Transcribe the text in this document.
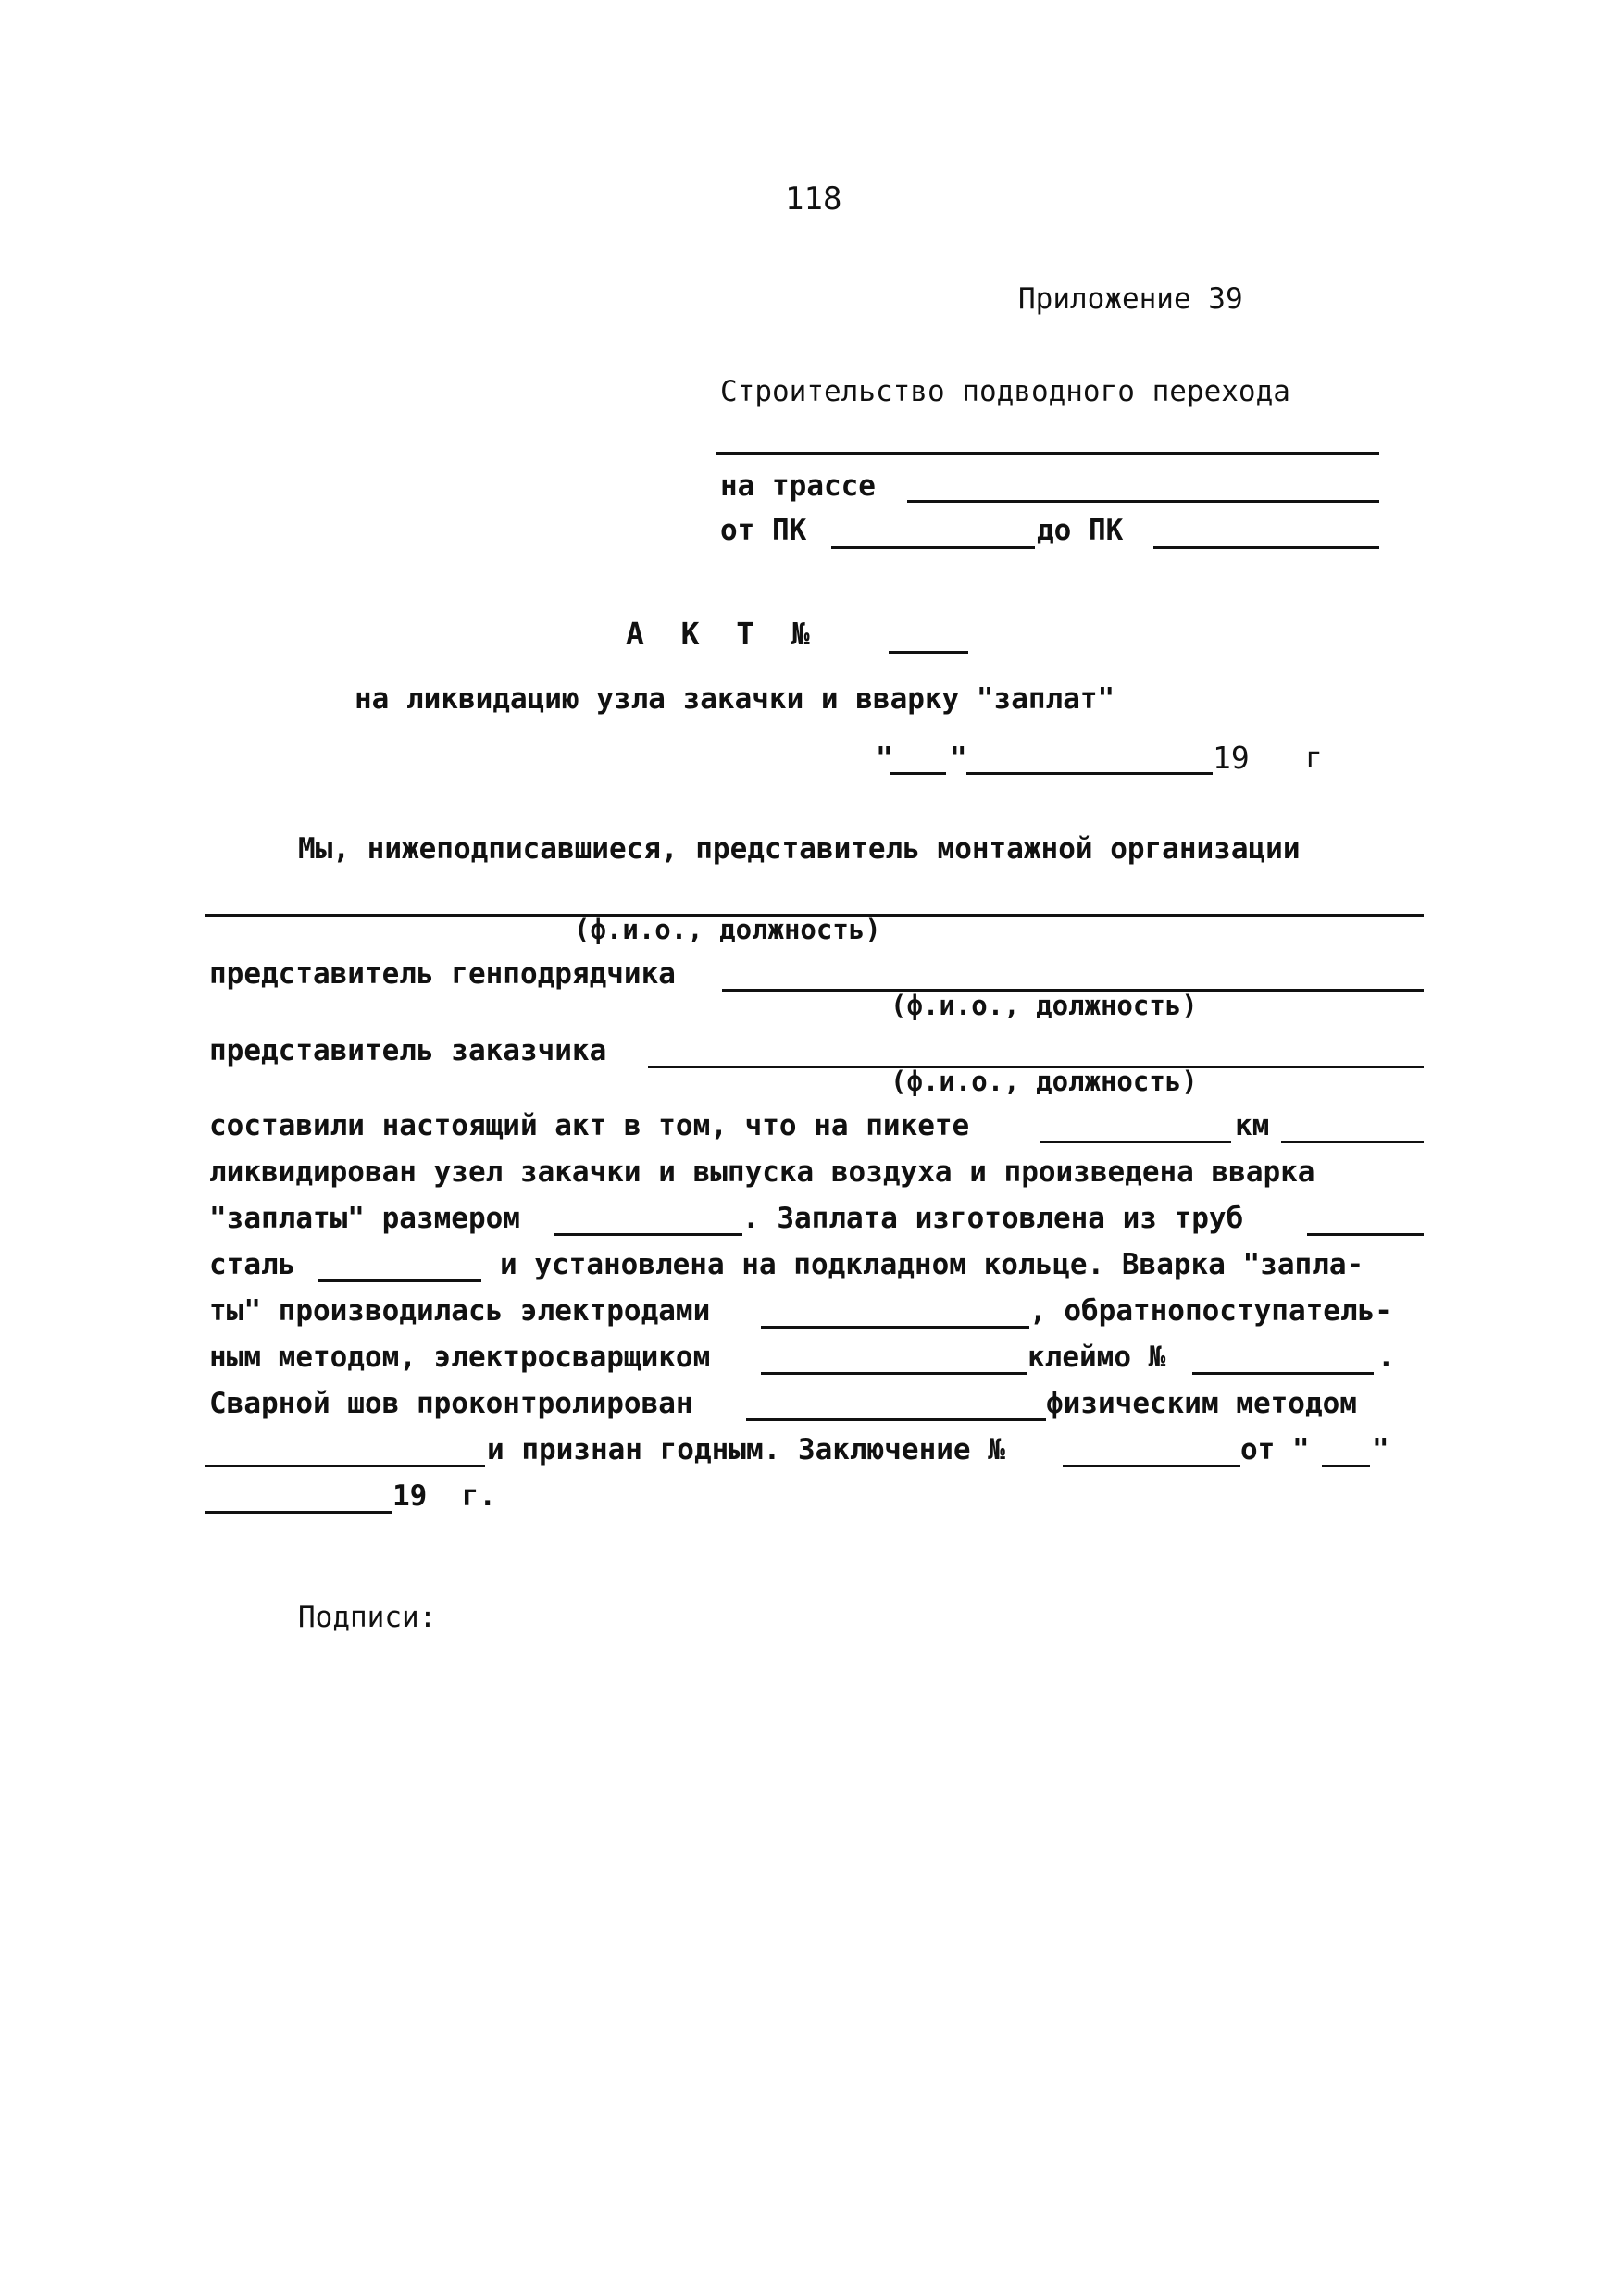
118
Приложение 39
Строительство подводного перехода
на трассе
от ПК	до ПК
А  К  Т  №
на ликвидацию узла закачки и вварку "заплат"
" "	19 г
Мы, нижеподписавшиеся, представитель монтажной организации
(ф.и.о., должность)
представитель генподрядчика
(ф.и.о., должность)
представитель заказчика
(ф.и.о., должность)
составили настоящий акт в том, что на пикете	км
ликвидирован узел закачки и выпуска воздуха и произведена вварка
"заплаты" размером	. Заплата изготовлена из труб
сталь	и установлена на подкладном кольце. Вварка "запла-
ты" производилась электродами	, обратнопоступатель-
ным методом, электросварщиком	клеймо №	.
Сварной шов проконтролирован	физическим методом
и признан годным. Заключение №	от " "
19  г.
Подписи:
